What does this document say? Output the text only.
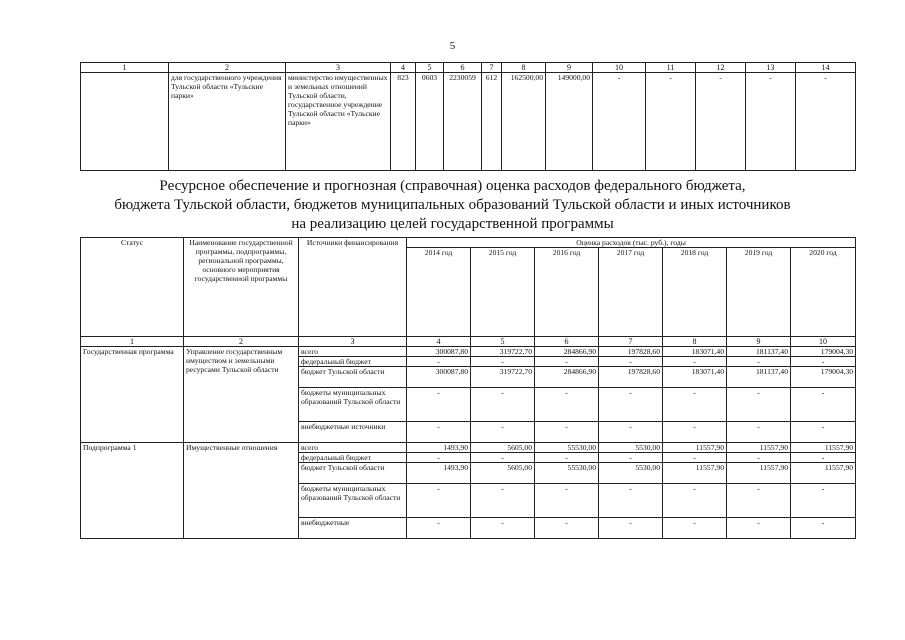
5
1	2	3	4	5	6	7	8	9	10	11	12	13	14
	для государственного учреждения Тульской области «Тульские парки»	министерство имущественных и земельных отношений Тульской области, государственное учреждение Тульской области «Тульские парки»	823	0603	2230059	612	162500,00	149000,00	-	-	-	-	-
Ресурсное обеспечение и прогнозная (справочная) оценка расходов федерального бюджета,
бюджета Тульской области, бюджетов муниципальных образований Тульской области и иных источников
на реализацию целей государственной программы
Статус	Наименование государственной программы, подпрограммы, региональной программы, основного мероприятия государственной программы	Источники финансирования	Оценка расходов (тыс. руб.), годы						
			2014 год	2015 год	2016 год	2017 год	2018 год	2019 год	2020 год
1	2	3	4	5	6	7	8	9	10
Государственная программа	Управление государственным имуществом и земельными ресурсами Тульской области	всего	300087,80	319722,70	284866,90	197828,60	183071,40	181137,40	179004,30
		федеральный бюджет	-	-	-	-	-	-	-
		бюджет Тульской области	300087,80	319722,70	284866,90	197828,60	183071,40	181137,40	179004,30
		бюджеты муниципальных образований Тульской области	-	-	-	-	-	-	-
		внебюджетные источники	-	-	-	-	-	-	-
Подпрограмма 1	Имущественные отношения	всего	1493,90	5605,00	55530,00	5530,00	11557,90	11557,90	11557,90
		федеральный бюджет	-	-	-	-	-	-	-
		бюджет Тульской области	1493,90	5605,00	55530,00	5530,00	11557,90	11557,90	11557,90
		бюджеты муниципальных образований Тульской области	-	-	-	-	-	-	-
		внебюджетные	-	-	-	-	-	-	-
